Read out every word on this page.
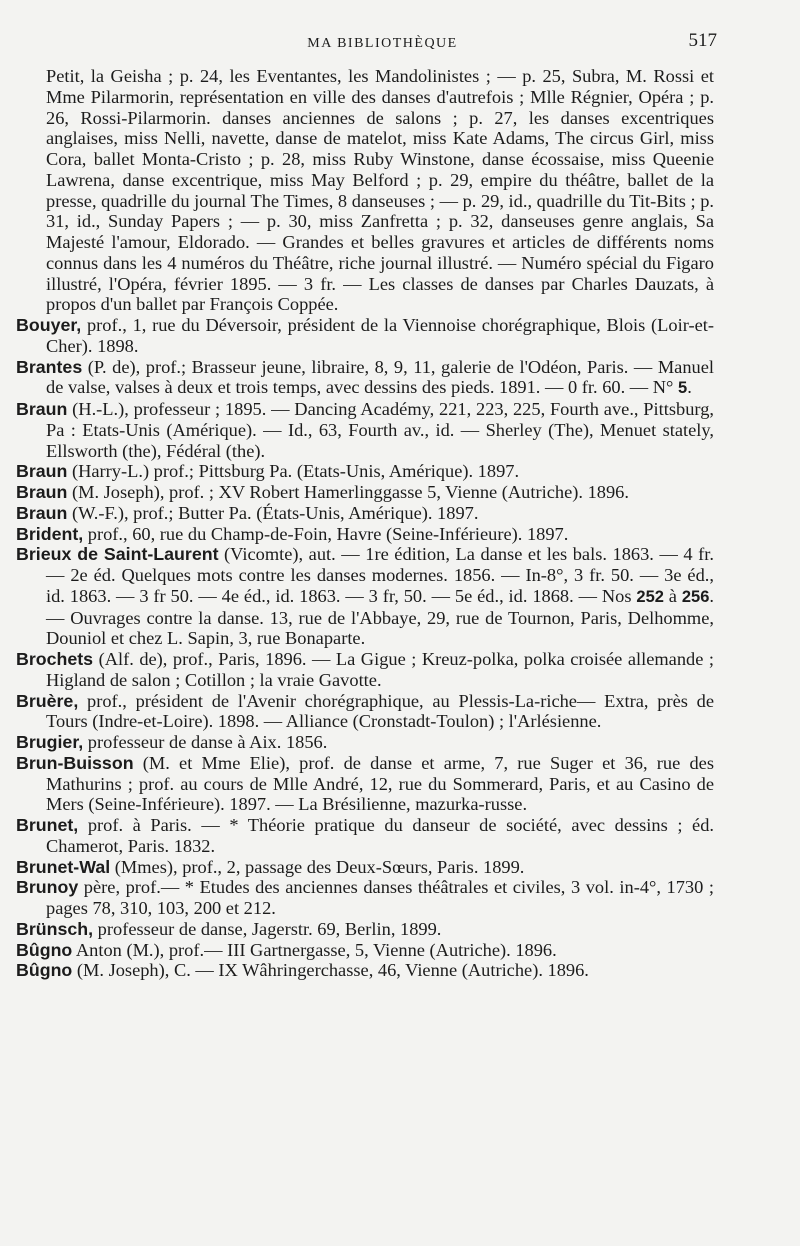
MA BIBLIOTHÈQUE	517

Petit, la Geisha ; p. 24, les Eventantes, les Mandolinistes ; — p. 25, Subra, M. Rossi et Mme Pilarmorin, représentation en ville des danses d'autrefois ; Mlle Régnier, Opéra ; p. 26, Rossi-Pilarmorin. danses anciennes de salons ; p. 27, les danses excentriques anglaises, miss Nelli, navette, danse de matelot, miss Kate Adams, The circus Girl, miss Cora, ballet Monta-Cristo ; p. 28, miss Ruby Winstone, danse écossaise, miss Queenie Lawrena, danse excentrique, miss May Belford ; p. 29, empire du théâtre, ballet de la presse, quadrille du journal The Times, 8 danseuses ; — p. 29, id., quadrille du Tit-Bits ; p. 31, id., Sunday Papers ; — p. 30, miss Zanfretta ; p. 32, danseuses genre anglais, Sa Majesté l'amour, Eldorado. — Grandes et belles gravures et articles de différents noms connus dans les 4 numéros du Théâtre, riche journal illustré. — Numéro spécial du Figaro illustré, l'Opéra, février 1895. — 3 fr. — Les classes de danses par Charles Dauzats, à propos d'un ballet par François Coppée.

Bouyer, prof., 1, rue du Déversoir, président de la Viennoise chorégraphique, Blois (Loir-et-Cher). 1898.

Brantes (P. de), prof.; Brasseur jeune, libraire, 8, 9, 11, galerie de l'Odéon, Paris. — Manuel de valse, valses à deux et trois temps, avec dessins des pieds. 1891. — 0 fr. 60. — N° 5.

Braun (H.-L.), professeur ; 1895. — Dancing Académy, 221, 223, 225, Fourth ave., Pittsburg, Pa : Etats-Unis (Amérique). — Id., 63, Fourth av., id. — Sherley (The), Menuet stately, Ellsworth (the), Fédéral (the).

Braun (Harry-L.) prof.; Pittsburg Pa. (Etats-Unis, Amérique). 1897.

Braun (M. Joseph), prof. ; XV Robert Hamerlinggasse 5, Vienne (Autriche). 1896.

Braun (W.-F.), prof.; Butter Pa. (États-Unis, Amérique). 1897.

Brident, prof., 60, rue du Champ-de-Foin, Havre (Seine-Inférieure). 1897.

Brieux de Saint-Laurent (Vicomte), aut. — 1re édition, La danse et les bals. 1863. — 4 fr. — 2e éd. Quelques mots contre les danses modernes. 1856. — In-8°, 3 fr. 50. — 3e éd., id. 1863. — 3 fr 50. — 4e éd., id. 1863. — 3 fr, 50. — 5e éd., id. 1868. — Nos 252 à 256. — Ouvrages contre la danse. 13, rue de l'Abbaye, 29, rue de Tournon, Paris, Delhomme, Douniol et chez L. Sapin, 3, rue Bonaparte.

Brochets (Alf. de), prof., Paris, 1896. — La Gigue ; Kreuz-polka, polka croisée allemande ; Higland de salon ; Cotillon ; la vraie Gavotte.

Bruère, prof., président de l'Avenir chorégraphique, au Plessis-La-riche— Extra, près de Tours (Indre-et-Loire). 1898. — Alliance (Cronstadt-Toulon) ; l'Arlésienne.

Brugier, professeur de danse à Aix. 1856.

Brun-Buisson (M. et Mme Elie), prof. de danse et arme, 7, rue Suger et 36, rue des Mathurins ; prof. au cours de Mlle André, 12, rue du Sommerard, Paris, et au Casino de Mers (Seine-Inférieure). 1897. — La Brésilienne, mazurka-russe.

Brunet, prof. à Paris. — * Théorie pratique du danseur de société, avec dessins ; éd. Chamerot, Paris. 1832.

Brunet-Wal (Mmes), prof., 2, passage des Deux-Sœurs, Paris. 1899.

Brunoy père, prof.— * Etudes des anciennes danses théâtrales et civiles, 3 vol. in-4°, 1730 ; pages 78, 310, 103, 200 et 212.

Brünsch, professeur de danse, Jagerstr. 69, Berlin, 1899.

Bûgno Anton (M.), prof.— III Gartnergasse, 5, Vienne (Autriche). 1896.

Bûgno (M. Joseph), C. — IX Wâhringerchasse, 46, Vienne (Autriche). 1896.
